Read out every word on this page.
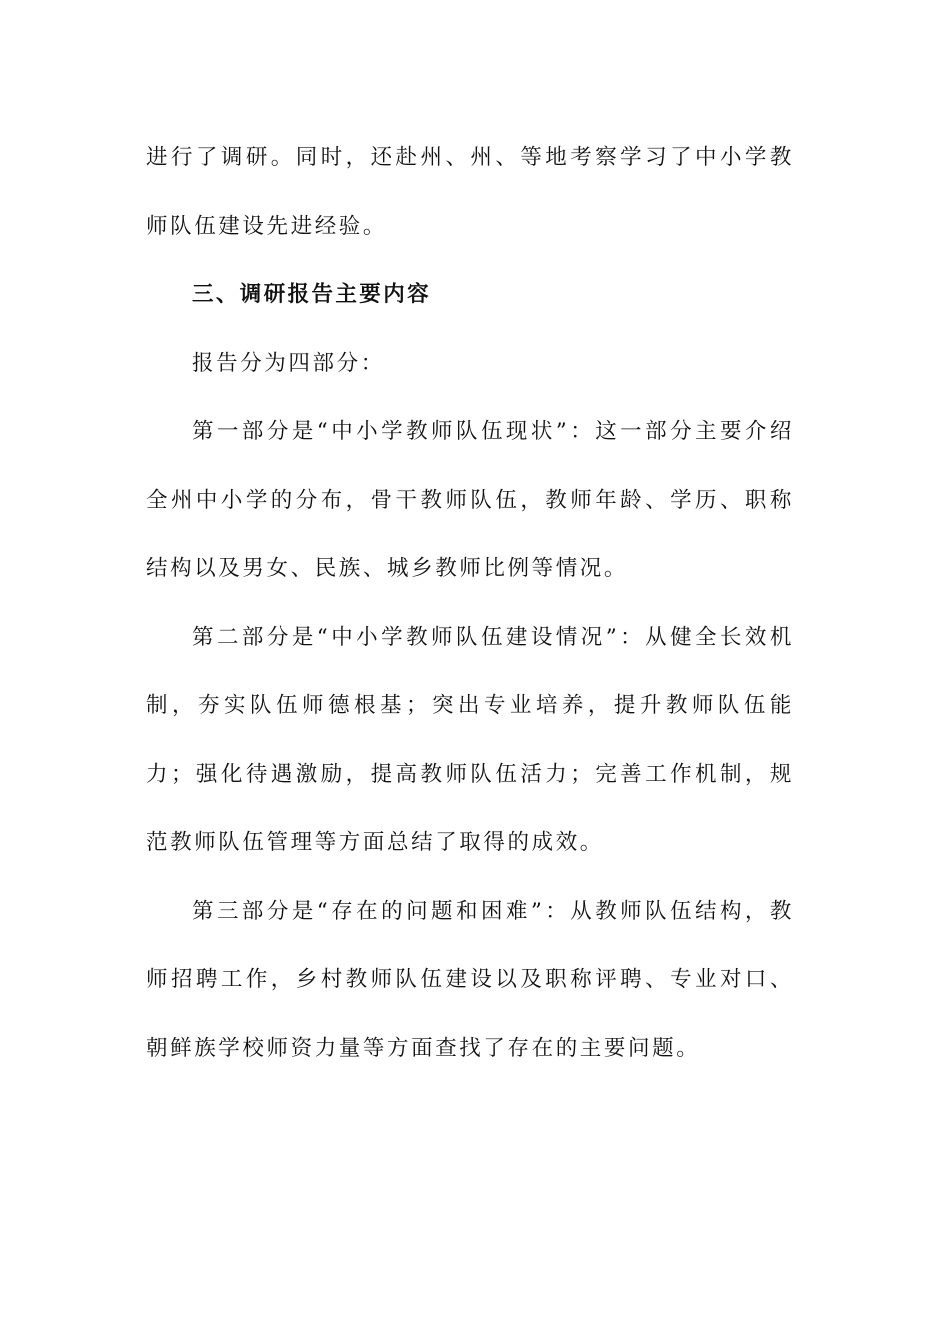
进行了调研。同时，还赴州、州、等地考察学习了中小学教师队伍建设先进经验。

三、调研报告主要内容

报告分为四部分：

第一部分是“中小学教师队伍现状”：这一部分主要介绍全州中小学的分布，骨干教师队伍，教师年龄、学历、职称结构以及男女、民族、城乡教师比例等情况。

第二部分是“中小学教师队伍建设情况”：从健全长效机制，夯实队伍师德根基；突出专业培养，提升教师队伍能力；强化待遇激励，提高教师队伍活力；完善工作机制，规范教师队伍管理等方面总结了取得的成效。

第三部分是“存在的问题和困难”：从教师队伍结构，教师招聘工作，乡村教师队伍建设以及职称评聘、专业对口、朝鲜族学校师资力量等方面查找了存在的主要问题。
